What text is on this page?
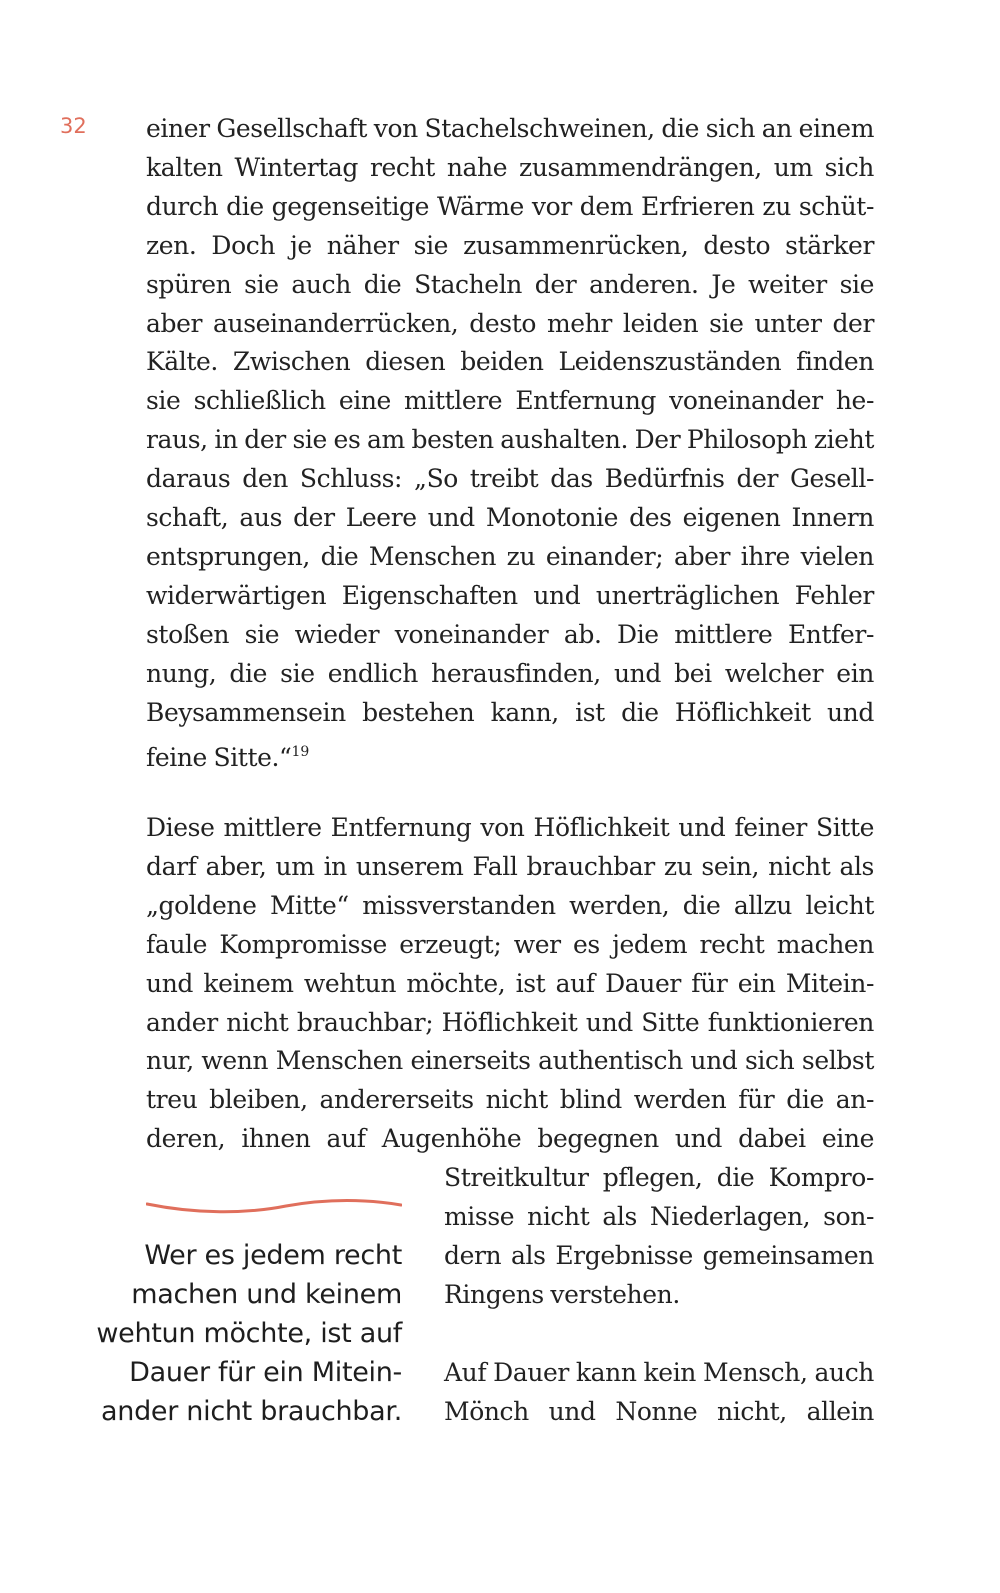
32 einer Gesellschaft von Stachelschweinen, die sich an einem
kalten Wintertag recht nahe zusammendrängen, um sich
durch die gegenseitige Wärme vor dem Erfrieren zu schüt-
zen. Doch je näher sie zusammenrücken, desto stärker
spüren sie auch die Stacheln der anderen. Je weiter sie
aber auseinanderrücken, desto mehr leiden sie unter der
Kälte. Zwischen diesen beiden Leidenszuständen finden
sie schließlich eine mittlere Entfernung voneinander he-
raus, in der sie es am besten aushalten. Der Philosoph zieht
daraus den Schluss: „So treibt das Bedürfnis der Gesell-
schaft, aus der Leere und Monotonie des eigenen Innern
entsprungen, die Menschen zu einander; aber ihre vielen
widerwärtigen Eigenschaften und unerträglichen Fehler
stoßen sie wieder voneinander ab. Die mittlere Entfer-
nung, die sie endlich herausfinden, und bei welcher ein
Beysammensein bestehen kann, ist die Höflichkeit und
feine Sitte.“$^{19}$

Diese mittlere Entfernung von Höflichkeit und feiner Sitte
darf aber, um in unserem Fall brauchbar zu sein, nicht als
„goldene Mitte“ missverstanden werden, die allzu leicht
faule Kompromisse erzeugt; wer es jedem recht machen
und keinem wehtun möchte, ist auf Dauer für ein Mitein-
ander nicht brauchbar; Höflichkeit und Sitte funktionieren
nur, wenn Menschen einerseits authentisch und sich selbst
treu bleiben, andererseits nicht blind werden für die an-
deren, ihnen auf Augenhöhe begegnen und dabei eine

Streitkultur pflegen, die Kompro-
misse nicht als Niederlagen, son-
dern als Ergebnisse gemeinsamen
Ringens verstehen.

Wer es jedem recht
machen und keinem
wehtun möchte, ist auf
Dauer für ein Mitein-
ander nicht brauchbar.

Auf Dauer kann kein Mensch, auch
Mönch und Nonne nicht, allein
